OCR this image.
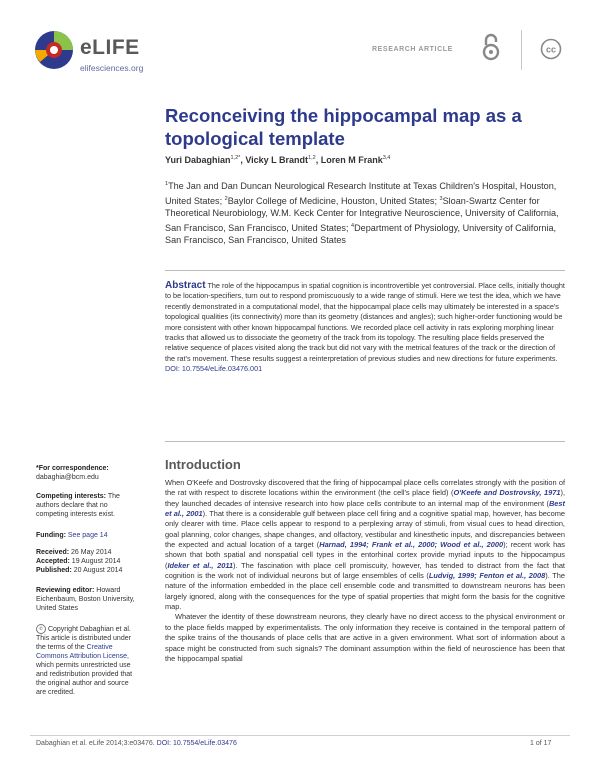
eLIFE
elifesciences.org
RESEARCH ARTICLE	cc
Reconceiving the hippocampal map as a topological template
Yuri Dabaghian$^{1,2*}$, Vicky L Brandt$^{1,2}$, Loren M Frank$^{3,4}$
$^1$The Jan and Dan Duncan Neurological Research Institute at Texas Children's Hospital, Houston, United States; $^2$Baylor College of Medicine, Houston, United States; $^3$Sloan-Swartz Center for Theoretical Neurobiology, W.M. Keck Center for Integrative Neuroscience, University of California, San Francisco, San Francisco, United States; $^4$Department of Physiology, University of California, San Francisco, San Francisco, United States
Abstract The role of the hippocampus in spatial cognition is incontrovertible yet controversial. Place cells, initially thought to be location-specifiers, turn out to respond promiscuously to a wide range of stimuli. Here we test the idea, which we have recently demonstrated in a computational model, that the hippocampal place cells may ultimately be interested in a space's topological qualities (its connectivity) more than its geometry (distances and angles); such higher-order functioning would be more consistent with other known hippocampal functions. We recorded place cell activity in rats exploring morphing linear tracks that allowed us to dissociate the geometry of the track from its topology. The resulting place fields preserved the relative sequence of places visited along the track but did not vary with the metrical features of the track or the direction of the rat's movement. These results suggest a reinterpretation of previous studies and new directions for future experiments.
DOI: 10.7554/eLife.03476.001
*For correspondence:
dabaghia@bcm.edu
Competing interests: The authors declare that no competing interests exist.
Funding: See page 14
Received: 26 May 2014
Accepted: 19 August 2014
Published: 20 August 2014
Reviewing editor: Howard Eichenbaum, Boston University, United States
© Copyright Dabaghian et al. This article is distributed under the terms of the Creative Commons Attribution License, which permits unrestricted use and redistribution provided that the original author and source are credited.
Introduction

When O'Keefe and Dostrovsky discovered that the firing of hippocampal place cells correlates strongly with the position of the rat with respect to discrete locations within the environment (the cell's place field) (O'Keefe and Dostrovsky, 1971), they launched decades of intensive research into how place cells contribute to an internal map of the environment (Best et al., 2001). That there is a considerable gulf between place cell firing and a cognitive spatial map, however, has become only clearer with time. Place cells appear to respond to a perplexing array of stimuli, from visual cues to head direction, goal planning, color changes, shape changes, and olfactory, vestibular and kinesthetic inputs, and discrepancies between the expected and actual location of a target (Harnad, 1994; Frank et al., 2000; Wood et al., 2000); recent work has shown that both spatial and nonspatial cell types in the entorhinal cortex provide myriad inputs to the hippocampus (Ideker et al., 2011). The fascination with place cell promiscuity, however, has tended to distract from the fact that cognition is the work not of individual neurons but of large ensembles of cells (Ludvig, 1999; Fenton et al., 2008). The nature of the information embedded in the place cell ensemble code and transmitted to downstream neurons has been largely ignored, along with the consequences for the type of spatial properties that might form the basis for the cognitive map.

Whatever the identity of these downstream neurons, they clearly have no direct access to the physical environment or to the place fields mapped by experimentalists. The only information they receive is contained in the temporal pattern of the spike trains of the thousands of place cells that are active in a given environment. What sort of information about a space might be constructed from such signals? The dominant assumption within the field of neuroscience has been that the hippocampal spatial

Dabaghian et al. eLife 2014;3:e03476. DOI: 10.7554/eLife.03476	1 of 17
